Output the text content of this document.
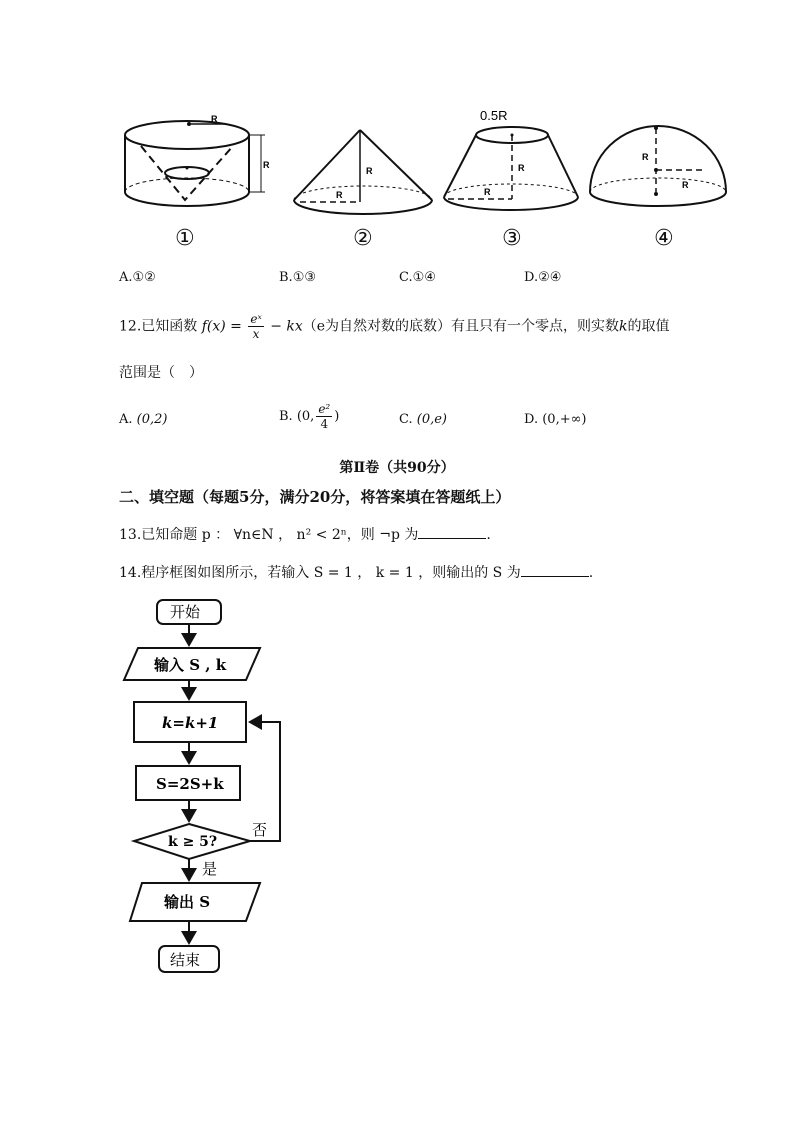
R
R
①
R
R
②
0.5R
R
R
③
R
R
④
A.①②	B.①③	C.①④	D.②④
12.已知函数 $f(x) = \frac{\text{eˣ}}{x} - kx(e$为自然对数的底数）有且只有一个零点，则实数k的取值
范围是（　）
A. (0,2)	B. (0, $\frac{\text{e²}}{4}$ )	C. (0,e)	D. (0,+∞)
第Ⅱ卷（共90分）
二、填空题（每题5分，满分20分，将答案填在答题纸上）
13.已知命题 p ： ∀n∈N ， n² < 2ⁿ，则 ¬p 为	.
14.程序框图如图所示，若输入 S = 1 ， k = 1 ，则输出的 S 为	.
开始
输入 S , k
k=k+1
S=2S+k
k ≥ 5?
否
是
输出 S
结束
